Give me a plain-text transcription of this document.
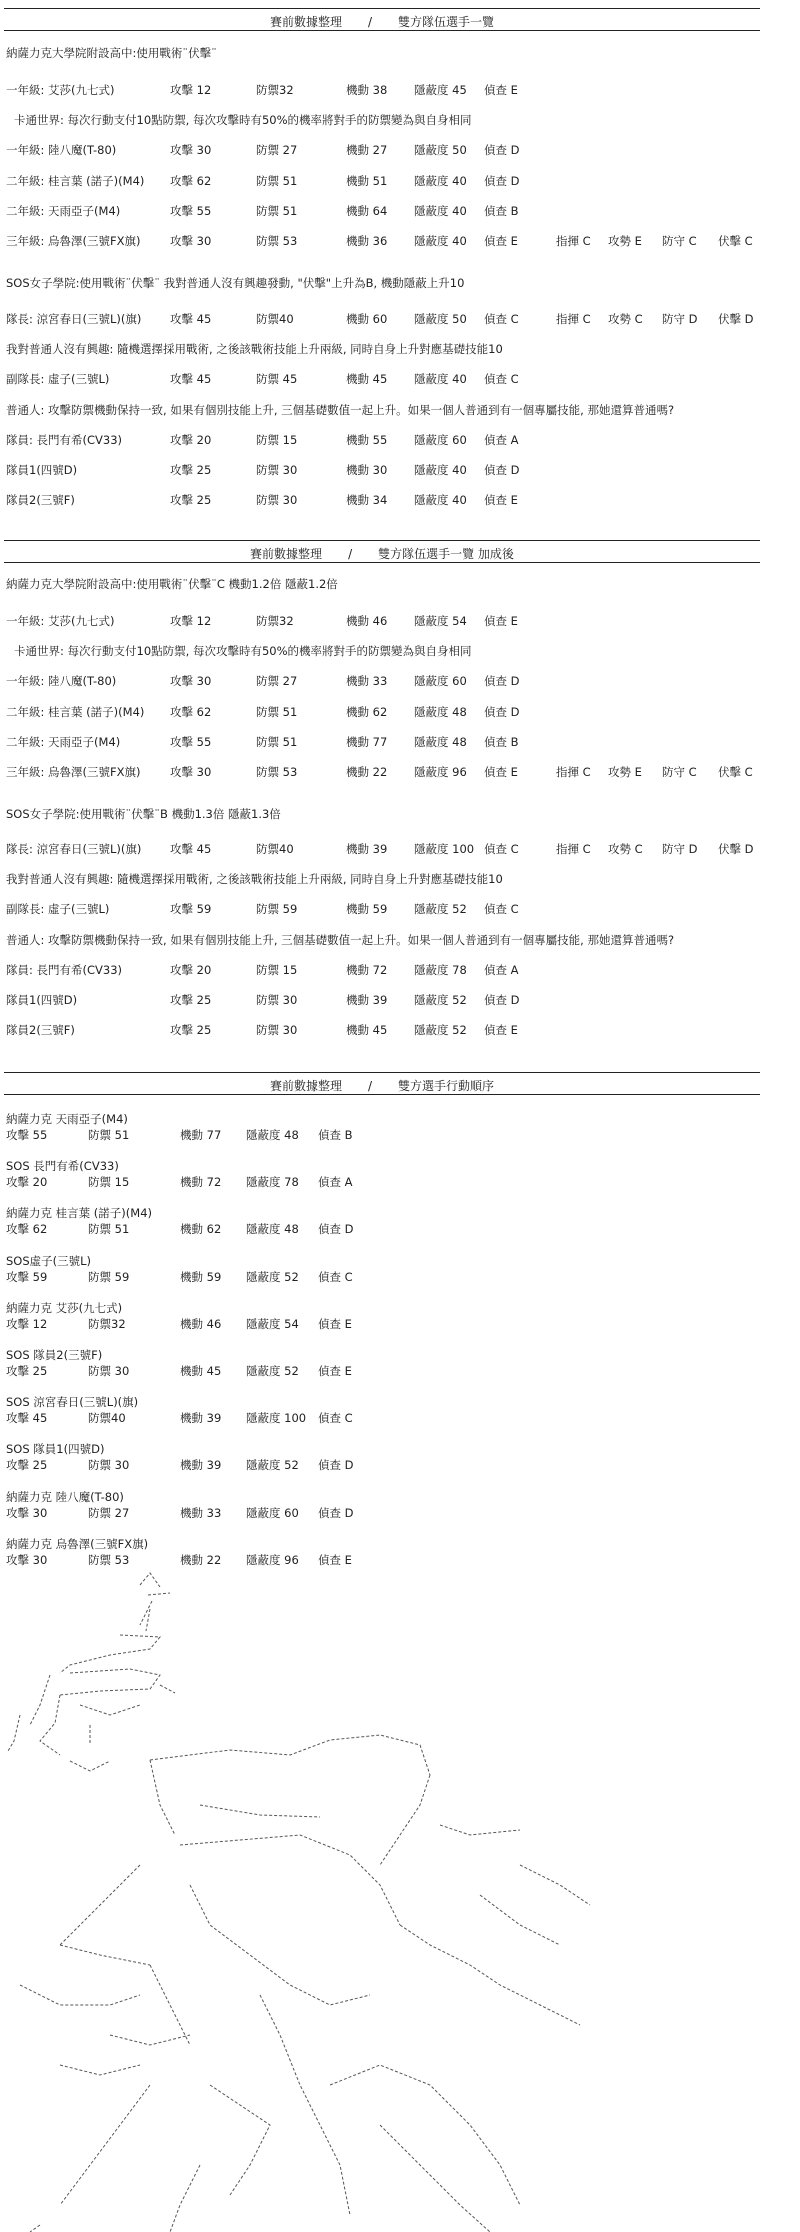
賽前數據整理 / 雙方隊伍選手一覽
納薩力克大學院附設高中:使用戰術¨伏擊¨
一年級: 艾莎(九七式)	攻擊 12	防禦32	機動 38 隱蔽度 45 偵查 E
卡通世界: 每次行動支付10點防禦, 每次攻擊時有50%的機率將對手的防禦變為與自身相同
一年級: 陸八魔(T-80)	攻擊 30	防禦 27	機動 27 隱蔽度 50 偵查 D
二年級: 桂言葉 (諾子)(M4) 攻擊 62	防禦 51	機動 51 隱蔽度 40 偵查 D
二年級: 天雨亞子(M4)	攻擊 55	防禦 51	機動 64 隱蔽度 40 偵查 B
三年級: 烏魯澤(三號FX旗)	攻擊 30	防禦 53	機動 36 隱蔽度 40 偵查 E	指揮 C 攻勢 E 防守 C 伏擊 C
SOS女子學院:使用戰術¨伏擊¨ 我對普通人沒有興趣發動, "伏擊"上升為B, 機動隱蔽上升10
隊長: 涼宮春日(三號L)(旗) 攻擊 45	防禦40	機動 60 隱蔽度 50 偵查 C	指揮 C 攻勢 C 防守 D 伏擊 D
我對普通人沒有興趣: 隨機選擇採用戰術, 之後該戰術技能上升兩級, 同時自身上升對應基礎技能10
副隊長: 虛子(三號L)	攻擊 45	防禦 45	機動 45 隱蔽度 40 偵查 C
普通人: 攻擊防禦機動保持一致, 如果有個別技能上升, 三個基礎數值一起上升。如果一個人普通到有一個專屬技能, 那她還算普通嗎?
隊員: 長門有希(CV33)	攻擊 20	防禦 15	機動 55 隱蔽度 60 偵查 A
隊員1(四號D)	攻擊 25	防禦 30	機動 30 隱蔽度 40 偵查 D
隊員2(三號F)	攻擊 25	防禦 30	機動 34 隱蔽度 40 偵查 E
賽前數據整理 / 雙方隊伍選手一覽 加成後
納薩力克大學院附設高中:使用戰術¨伏擊¨C 機動1.2倍 隱蔽1.2倍
一年級: 艾莎(九七式)	攻擊 12	防禦32	機動 46 隱蔽度 54 偵查 E
卡通世界: 每次行動支付10點防禦, 每次攻擊時有50%的機率將對手的防禦變為與自身相同
一年級: 陸八魔(T-80)	攻擊 30	防禦 27	機動 33 隱蔽度 60 偵查 D
二年級: 桂言葉 (諾子)(M4) 攻擊 62	防禦 51	機動 62 隱蔽度 48 偵查 D
二年級: 天雨亞子(M4)	攻擊 55	防禦 51	機動 77 隱蔽度 48 偵查 B
三年級: 烏魯澤(三號FX旗)	攻擊 30	防禦 53	機動 22 隱蔽度 96 偵查 E	指揮 C 攻勢 E 防守 C 伏擊 C
SOS女子學院:使用戰術¨伏擊¨B 機動1.3倍 隱蔽1.3倍
隊長: 涼宮春日(三號L)(旗) 攻擊 45	防禦40	機動 39 隱蔽度 100 偵查 C	指揮 C 攻勢 C 防守 D 伏擊 D
我對普通人沒有興趣: 隨機選擇採用戰術, 之後該戰術技能上升兩級, 同時自身上升對應基礎技能10
副隊長: 虛子(三號L)	攻擊 59	防禦 59	機動 59 隱蔽度 52 偵查 C
普通人: 攻擊防禦機動保持一致, 如果有個別技能上升, 三個基礎數值一起上升。如果一個人普通到有一個專屬技能, 那她還算普通嗎?
隊員: 長門有希(CV33)	攻擊 20	防禦 15	機動 72 隱蔽度 78 偵查 A
隊員1(四號D)	攻擊 25	防禦 30	機動 39 隱蔽度 52 偵查 D
隊員2(三號F)	攻擊 25	防禦 30	機動 45 隱蔽度 52 偵查 E
賽前數據整理 / 雙方選手行動順序
納薩力克 天雨亞子(M4)
攻擊 55	防禦 51	機動 77 隱蔽度 48 偵查 B
SOS 長門有希(CV33)
攻擊 20	防禦 15	機動 72 隱蔽度 78 偵查 A
納薩力克 桂言葉 (諾子)(M4)
攻擊 62	防禦 51	機動 62 隱蔽度 48 偵查 D
SOS虛子(三號L)
攻擊 59	防禦 59	機動 59 隱蔽度 52 偵查 C
納薩力克 艾莎(九七式)
攻擊 12	防禦32	機動 46 隱蔽度 54 偵查 E
SOS 隊員2(三號F)
攻擊 25	防禦 30	機動 45 隱蔽度 52 偵查 E
SOS 涼宮春日(三號L)(旗)
攻擊 45	防禦40	機動 39 隱蔽度 100 偵查 C
SOS 隊員1(四號D)
攻擊 25	防禦 30	機動 39 隱蔽度 52 偵查 D
納薩力克 陸八魔(T-80)
攻擊 30	防禦 27	機動 33 隱蔽度 60 偵查 D
納薩力克 烏魯澤(三號FX旗)
攻擊 30	防禦 53	機動 22 隱蔽度 96 偵查 E
